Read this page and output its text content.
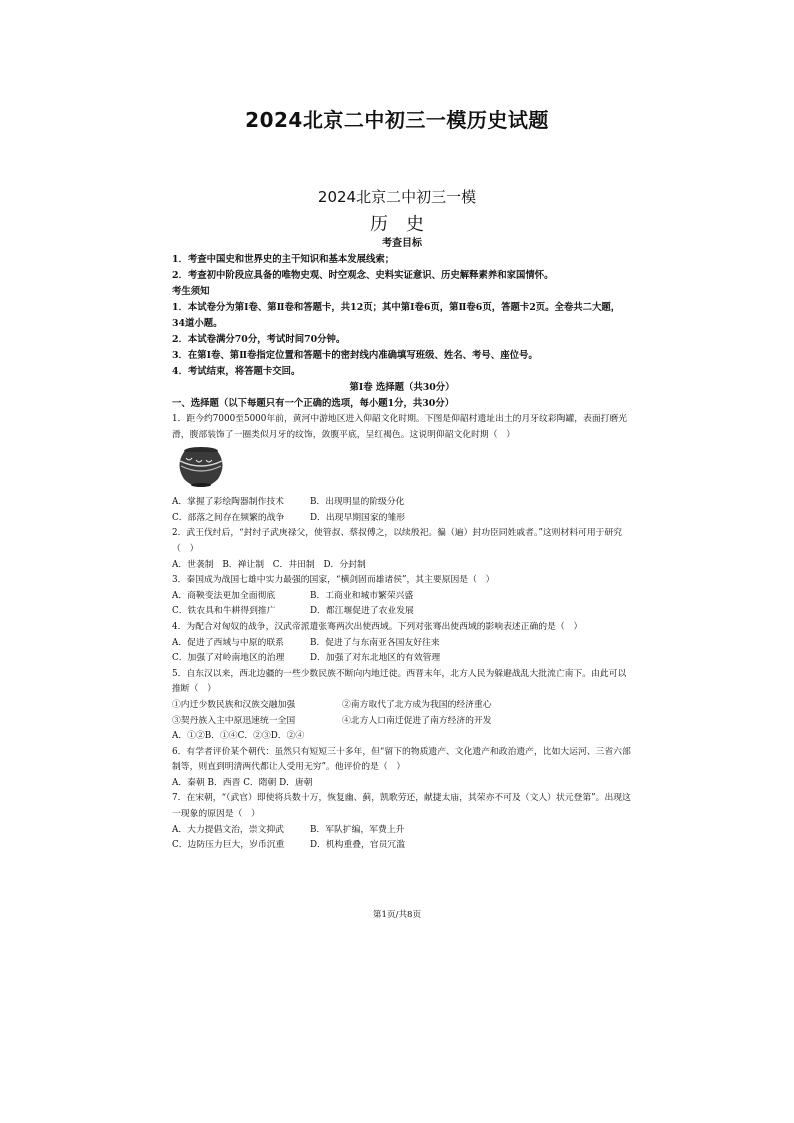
2024北京二中初三一模历史试题
2024北京二中初三一模
历史

考查目标

1．考查中国史和世界史的主干知识和基本发展线索；

2．考查初中阶段应具备的唯物史观、时空观念、史料实证意识、历史解释素养和家国情怀。

考生须知

1．本试卷分为第Ⅰ卷、第Ⅱ卷和答题卡，共12页；其中第Ⅰ卷6页，第Ⅱ卷6页，答题卡2页。全卷共二大题，34道小题。

2．本试卷满分70分，考试时间70分钟。

3．在第Ⅰ卷、第Ⅱ卷指定位置和答题卡的密封线内准确填写班级、姓名、考号、座位号。

4．考试结束，将答题卡交回。

第Ⅰ卷 选择题（共30分）

一、选择题（以下每题只有一个正确的选项，每小题1分，共30分）

1．距今约7000至5000年前，黄河中游地区进入仰韶文化时期。下图是仰韶村遗址出土的月牙纹彩陶罐，表面打磨光滑，腹部装饰了一圈类似月牙的纹饰，敛腹平底，呈红褐色。这说明仰韶文化时期（　）

A．掌握了彩绘陶器制作技术	B．出现明显的阶级分化
C．部落之间存在频繁的战争	D．出现早期国家的雏形

2．武王伐纣后，“封纣子武庚禄父，使管叔、蔡叔傅之，以续殷祀。徧（遍）封功臣同姓戚者。”这则材料可用于研究（　）

A．世袭制　B．禅让制　C．井田制　D．分封制

3．秦国成为战国七雄中实力最强的国家，“横剑固而雄诸侯”，其主要原因是（　）

A．商鞅变法更加全面彻底	B．工商业和城市繁荣兴盛
C．铁农具和牛耕得到推广	D．都江堰促进了农业发展

4．为配合对匈奴的战争，汉武帝派遣张骞两次出使西域。下列对张骞出使西域的影响表述正确的是（　）

A．促进了西域与中原的联系	B．促进了与东南亚各国友好往来
C．加强了对岭南地区的治理	D．加强了对东北地区的有效管理

5．自东汉以来，西北边疆的一些少数民族不断向内地迁徙。西晋末年，北方人民为躲避战乱大批流亡南下。由此可以推断（　）

①内迁少数民族和汉族交融加强	②南方取代了北方成为我国的经济重心
③契丹族入主中原迅速统一全国	④北方人口南迁促进了南方经济的开发

A．①②B．①④C．②③D．②④

6．有学者评价某个朝代：虽然只有短短三十多年，但“留下的物质遗产、文化遗产和政治遗产，比如大运河、三省六部制等，则直到明清两代都让人受用无穷”。他评价的是（　）

A．秦朝 B．西晋 C．隋朝 D．唐朝

7．在宋朝，“（武官）即使将兵数十万，恢复幽、蓟，凯歌劳还，献捷太庙，其荣亦不可及（文人）状元登第”。出现这一现象的原因是（　）

A．大力提倡文治，崇文抑武	B．军队扩编，军费上升
C．边防压力巨大，岁币沉重	D．机构重叠，官员冗滥
第1页/共8页
